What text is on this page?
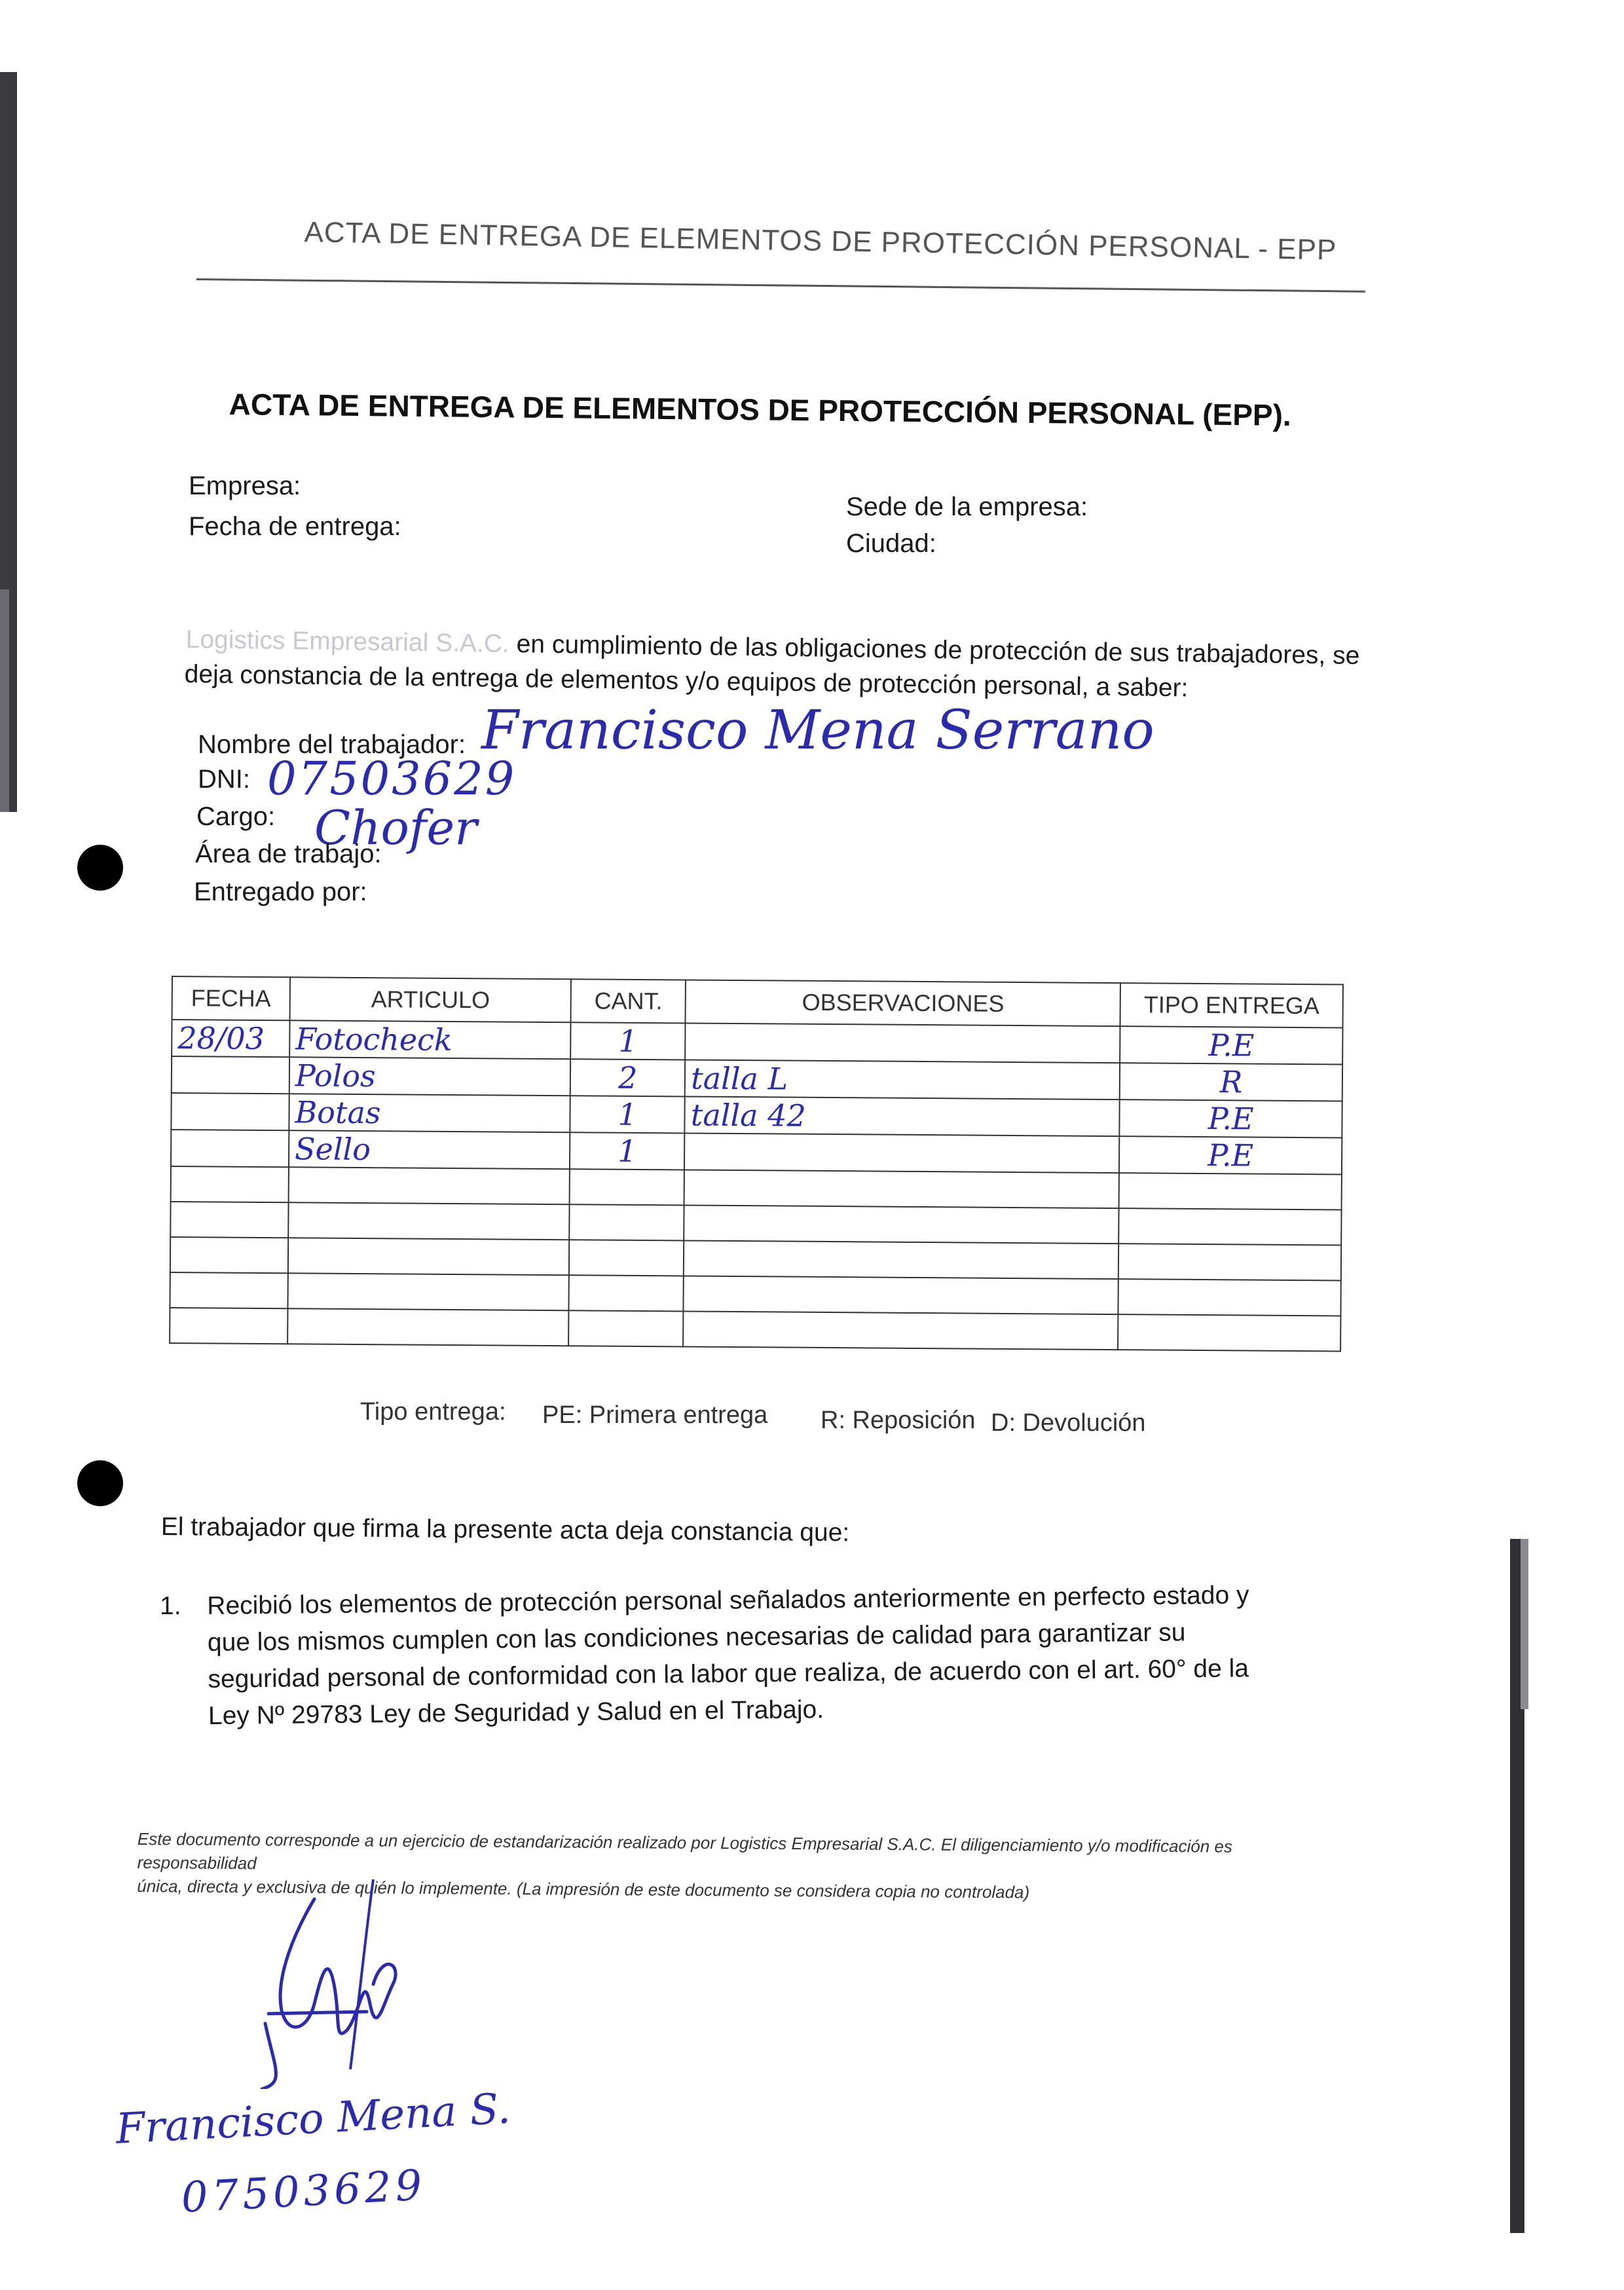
ACTA DE ENTREGA DE ELEMENTOS DE PROTECCIÓN PERSONAL - EPP
ACTA DE ENTREGA DE ELEMENTOS DE PROTECCIÓN PERSONAL (EPP).
Empresa:
Fecha de entrega:
Sede de la empresa:
Ciudad:
Logistics Empresarial S.A.C. en cumplimiento de las obligaciones de protección de sus trabajadores, se
deja constancia de la entrega de elementos y/o equipos de protección personal, a saber:
Nombre del trabajador: Francisco Mena Serrano
DNI: 07503629
Cargo: Chofer
Área de trabajo:
Entregado por:
FECHA	ARTICULO	CANT.	OBSERVACIONES	TIPO ENTREGA
28/03	Fotocheck	1		P.E
	Polos	2	talla L	R
	Botas	1	talla 42	P.E
	Sello	1		P.E

Tipo entrega: PE: Primera entrega R: Reposición D: Devolución
El trabajador que firma la presente acta deja constancia que:
1. Recibió los elementos de protección personal señalados anteriormente en perfecto estado y
que los mismos cumplen con las condiciones necesarias de calidad para garantizar su
seguridad personal de conformidad con la labor que realiza, de acuerdo con el art. 60° de la
Ley Nº 29783 Ley de Seguridad y Salud en el Trabajo.
Este documento corresponde a un ejercicio de estandarización realizado por Logistics Empresarial S.A.C. El diligenciamiento y/o modificación es responsabilidad
única, directa y exclusiva de quién lo implemente. (La impresión de este documento se considera copia no controlada)
Francisco Mena S.
07503629
